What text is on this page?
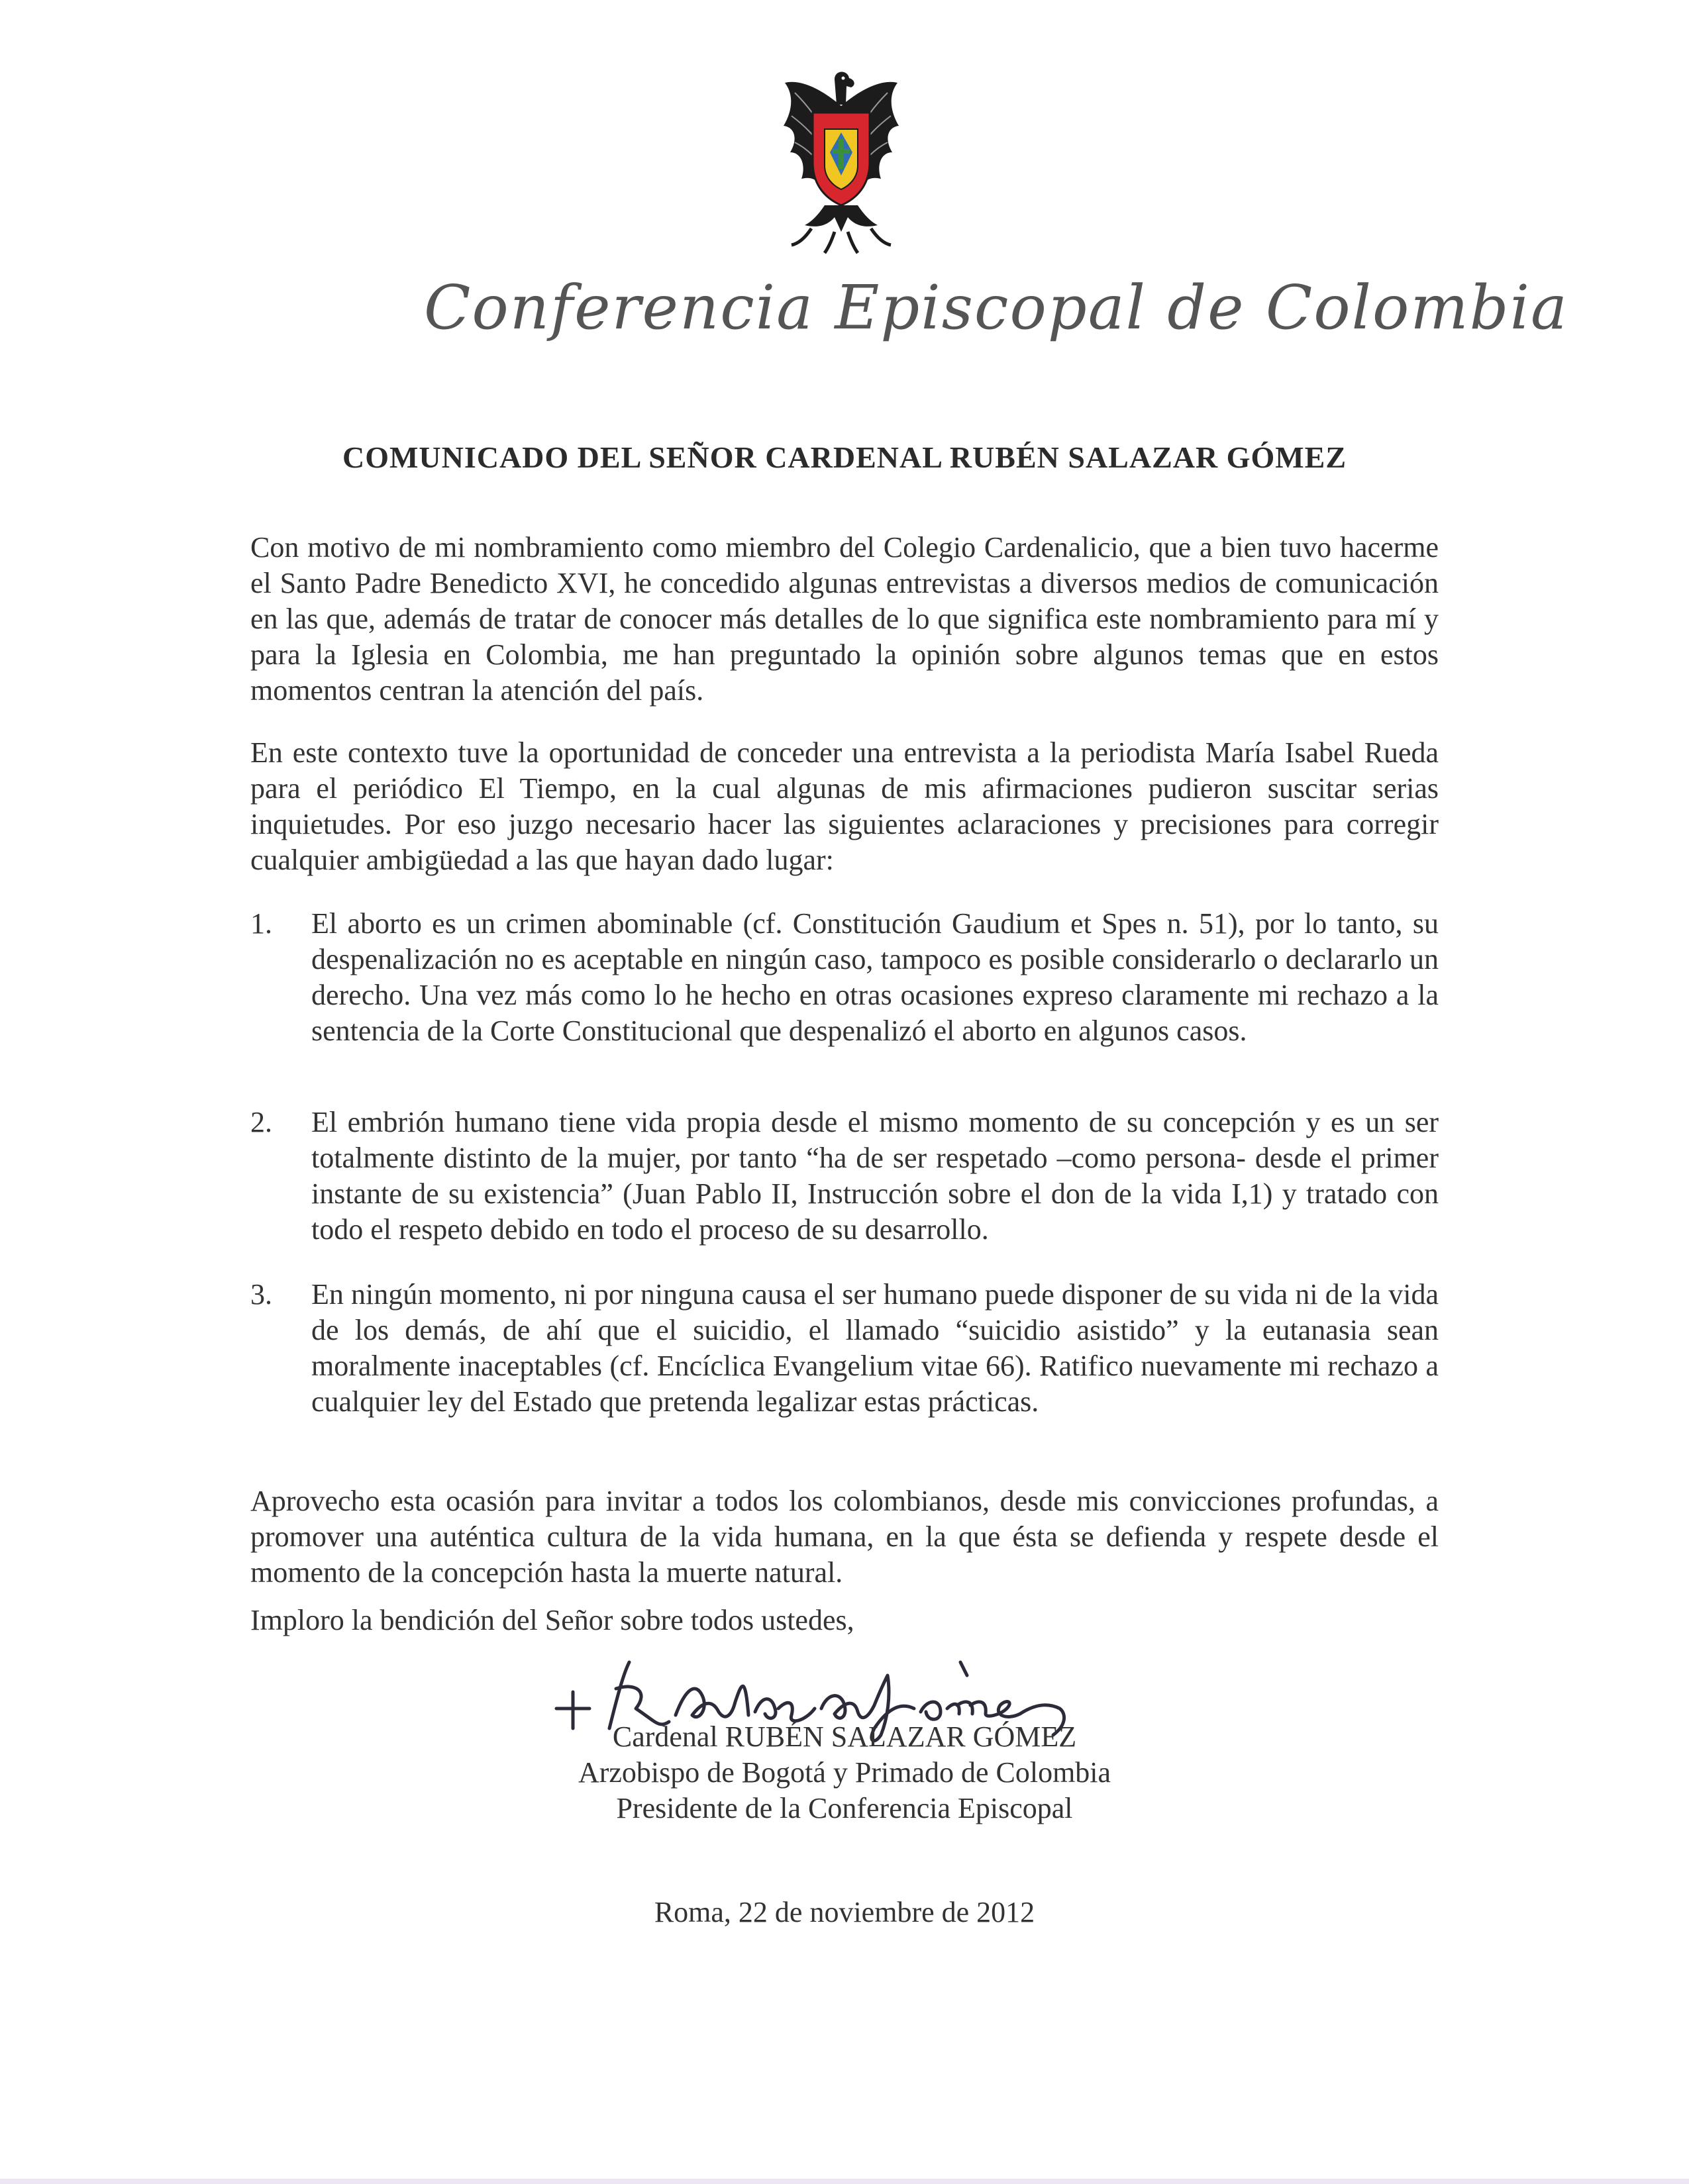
Conferencia Episcopal de Colombia
COMUNICADO DEL SEÑOR CARDENAL RUBÉN SALAZAR GÓMEZ
Con motivo de mi nombramiento como miembro del Colegio Cardenalicio, que a bien tuvo hacerme el Santo Padre Benedicto XVI, he concedido algunas entrevistas a diversos medios de comunicación en las que, además de tratar de conocer más detalles de lo que significa este nombramiento para mí y para la Iglesia en Colombia, me han preguntado la opinión sobre algunos temas que en estos momentos centran la atención del país.
En este contexto tuve la oportunidad de conceder una entrevista a la periodista María Isabel Rueda para el periódico El Tiempo, en la cual algunas de mis afirmaciones pudieron suscitar serias inquietudes. Por eso juzgo necesario hacer las siguientes aclaraciones y precisiones para corregir cualquier ambigüedad a las que hayan dado lugar:
1.	El aborto es un crimen abominable (cf. Constitución Gaudium et Spes n. 51), por lo tanto, su despenalización no es aceptable en ningún caso, tampoco es posible considerarlo o declararlo un derecho. Una vez más como lo he hecho en otras ocasiones expreso claramente mi rechazo a la sentencia de la Corte Constitucional que despenalizó el aborto en algunos casos.
2.	El embrión humano tiene vida propia desde el mismo momento de su concepción y es un ser totalmente distinto de la mujer, por tanto “ha de ser respetado –como persona- desde el primer instante de su existencia” (Juan Pablo II, Instrucción sobre el don de la vida I,1) y tratado con todo el respeto debido en todo el proceso de su desarrollo.
3.	En ningún momento, ni por ninguna causa el ser humano puede disponer de su vida ni de la vida de los demás, de ahí que el suicidio, el llamado “suicidio asistido” y la eutanasia sean moralmente inaceptables (cf. Encíclica Evangelium vitae 66). Ratifico nuevamente mi rechazo a cualquier ley del Estado que pretenda legalizar estas prácticas.
Aprovecho esta ocasión para invitar a todos los colombianos, desde mis convicciones profundas, a promover una auténtica cultura de la vida humana, en la que ésta se defienda y respete desde el momento de la concepción hasta la muerte natural.
Imploro la bendición del Señor sobre todos ustedes,
Cardenal RUBÉN SALAZAR GÓMEZ
Arzobispo de Bogotá y Primado de Colombia
Presidente de la Conferencia Episcopal
Roma, 22 de noviembre de 2012
